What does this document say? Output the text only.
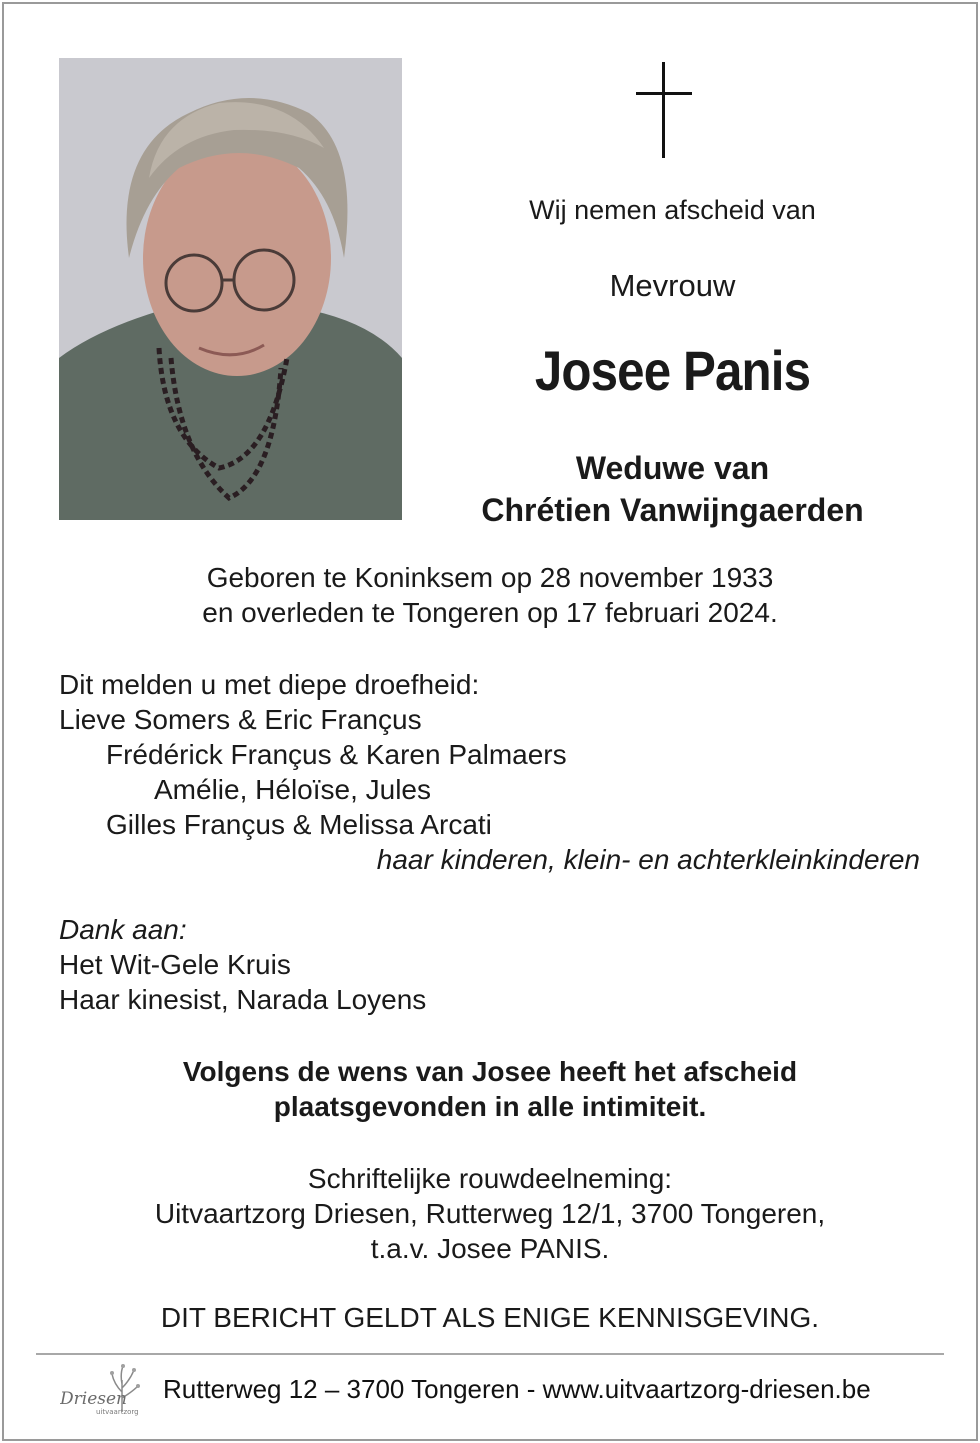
Wij nemen afscheid van
Mevrouw
Josee Panis
Weduwe van
Chrétien Vanwijngaerden
Geboren te Koninksem op 28 november 1933
en overleden te Tongeren op 17 februari 2024.
Dit melden u met diepe droefheid:
Lieve Somers & Eric Françus
Frédérick Françus & Karen Palmaers
Amélie, Héloïse, Jules
Gilles Françus & Melissa Arcati
haar kinderen, klein- en achterkleinkinderen
Dank aan:
Het Wit-Gele Kruis
Haar kinesist, Narada Loyens
Volgens de wens van Josee heeft het afscheid
plaatsgevonden in alle intimiteit.
Schriftelijke rouwdeelneming:
Uitvaartzorg Driesen, Rutterweg 12/1, 3700 Tongeren,
t.a.v. Josee PANIS.
DIT BERICHT GELDT ALS ENIGE KENNISGEVING.
Driesen
uitvaartzorg
Rutterweg 12 – 3700 Tongeren - www.uitvaartzorg-driesen.be
